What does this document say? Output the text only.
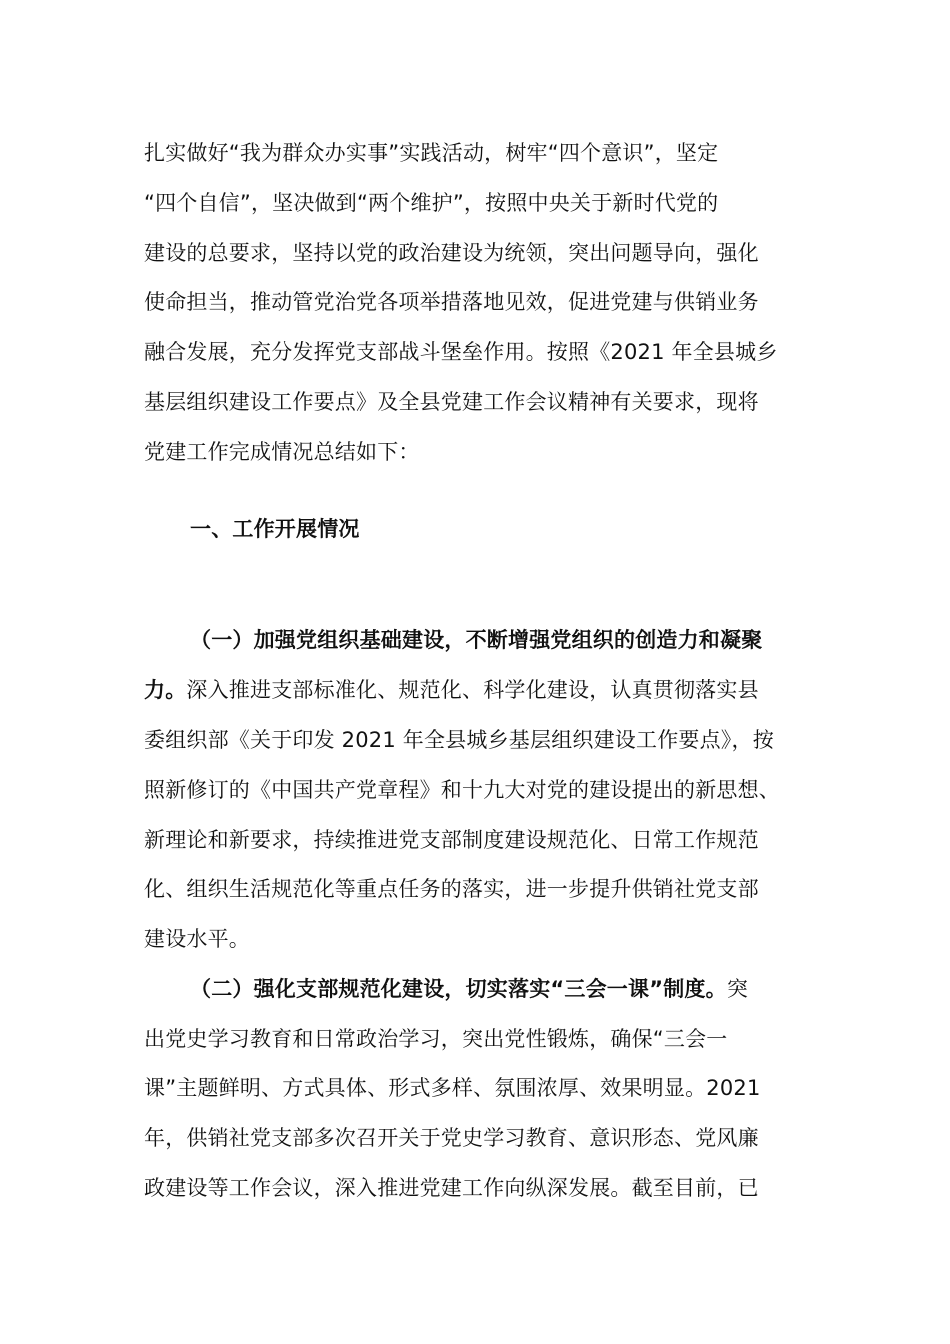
扎实做好“我为群众办实事”实践活动，树牢“四个意识”，坚定
“四个自信”，坚决做到“两个维护”，按照中央关于新时代党的
建设的总要求，坚持以党的政治建设为统领，突出问题导向，强化
使命担当，推动管党治党各项举措落地见效，促进党建与供销业务
融合发展，充分发挥党支部战斗堡垒作用。按照《2021 年全县城乡
基层组织建设工作要点》及全县党建工作会议精神有关要求，现将
党建工作完成情况总结如下：
一、工作开展情况
（一）加强党组织基础建设，不断增强党组织的创造力和凝聚
力。深入推进支部标准化、规范化、科学化建设，认真贯彻落实县
委组织部《关于印发 2021 年全县城乡基层组织建设工作要点》，按
照新修订的《中国共产党章程》和十九大对党的建设提出的新思想、
新理论和新要求，持续推进党支部制度建设规范化、日常工作规范
化、组织生活规范化等重点任务的落实，进一步提升供销社党支部
建设水平。
（二）强化支部规范化建设，切实落实“三会一课”制度。突
出党史学习教育和日常政治学习，突出党性锻炼，确保“三会一
课”主题鲜明、方式具体、形式多样、氛围浓厚、效果明显。2021
年，供销社党支部多次召开关于党史学习教育、意识形态、党风廉
政建设等工作会议，深入推进党建工作向纵深发展。截至目前，已
